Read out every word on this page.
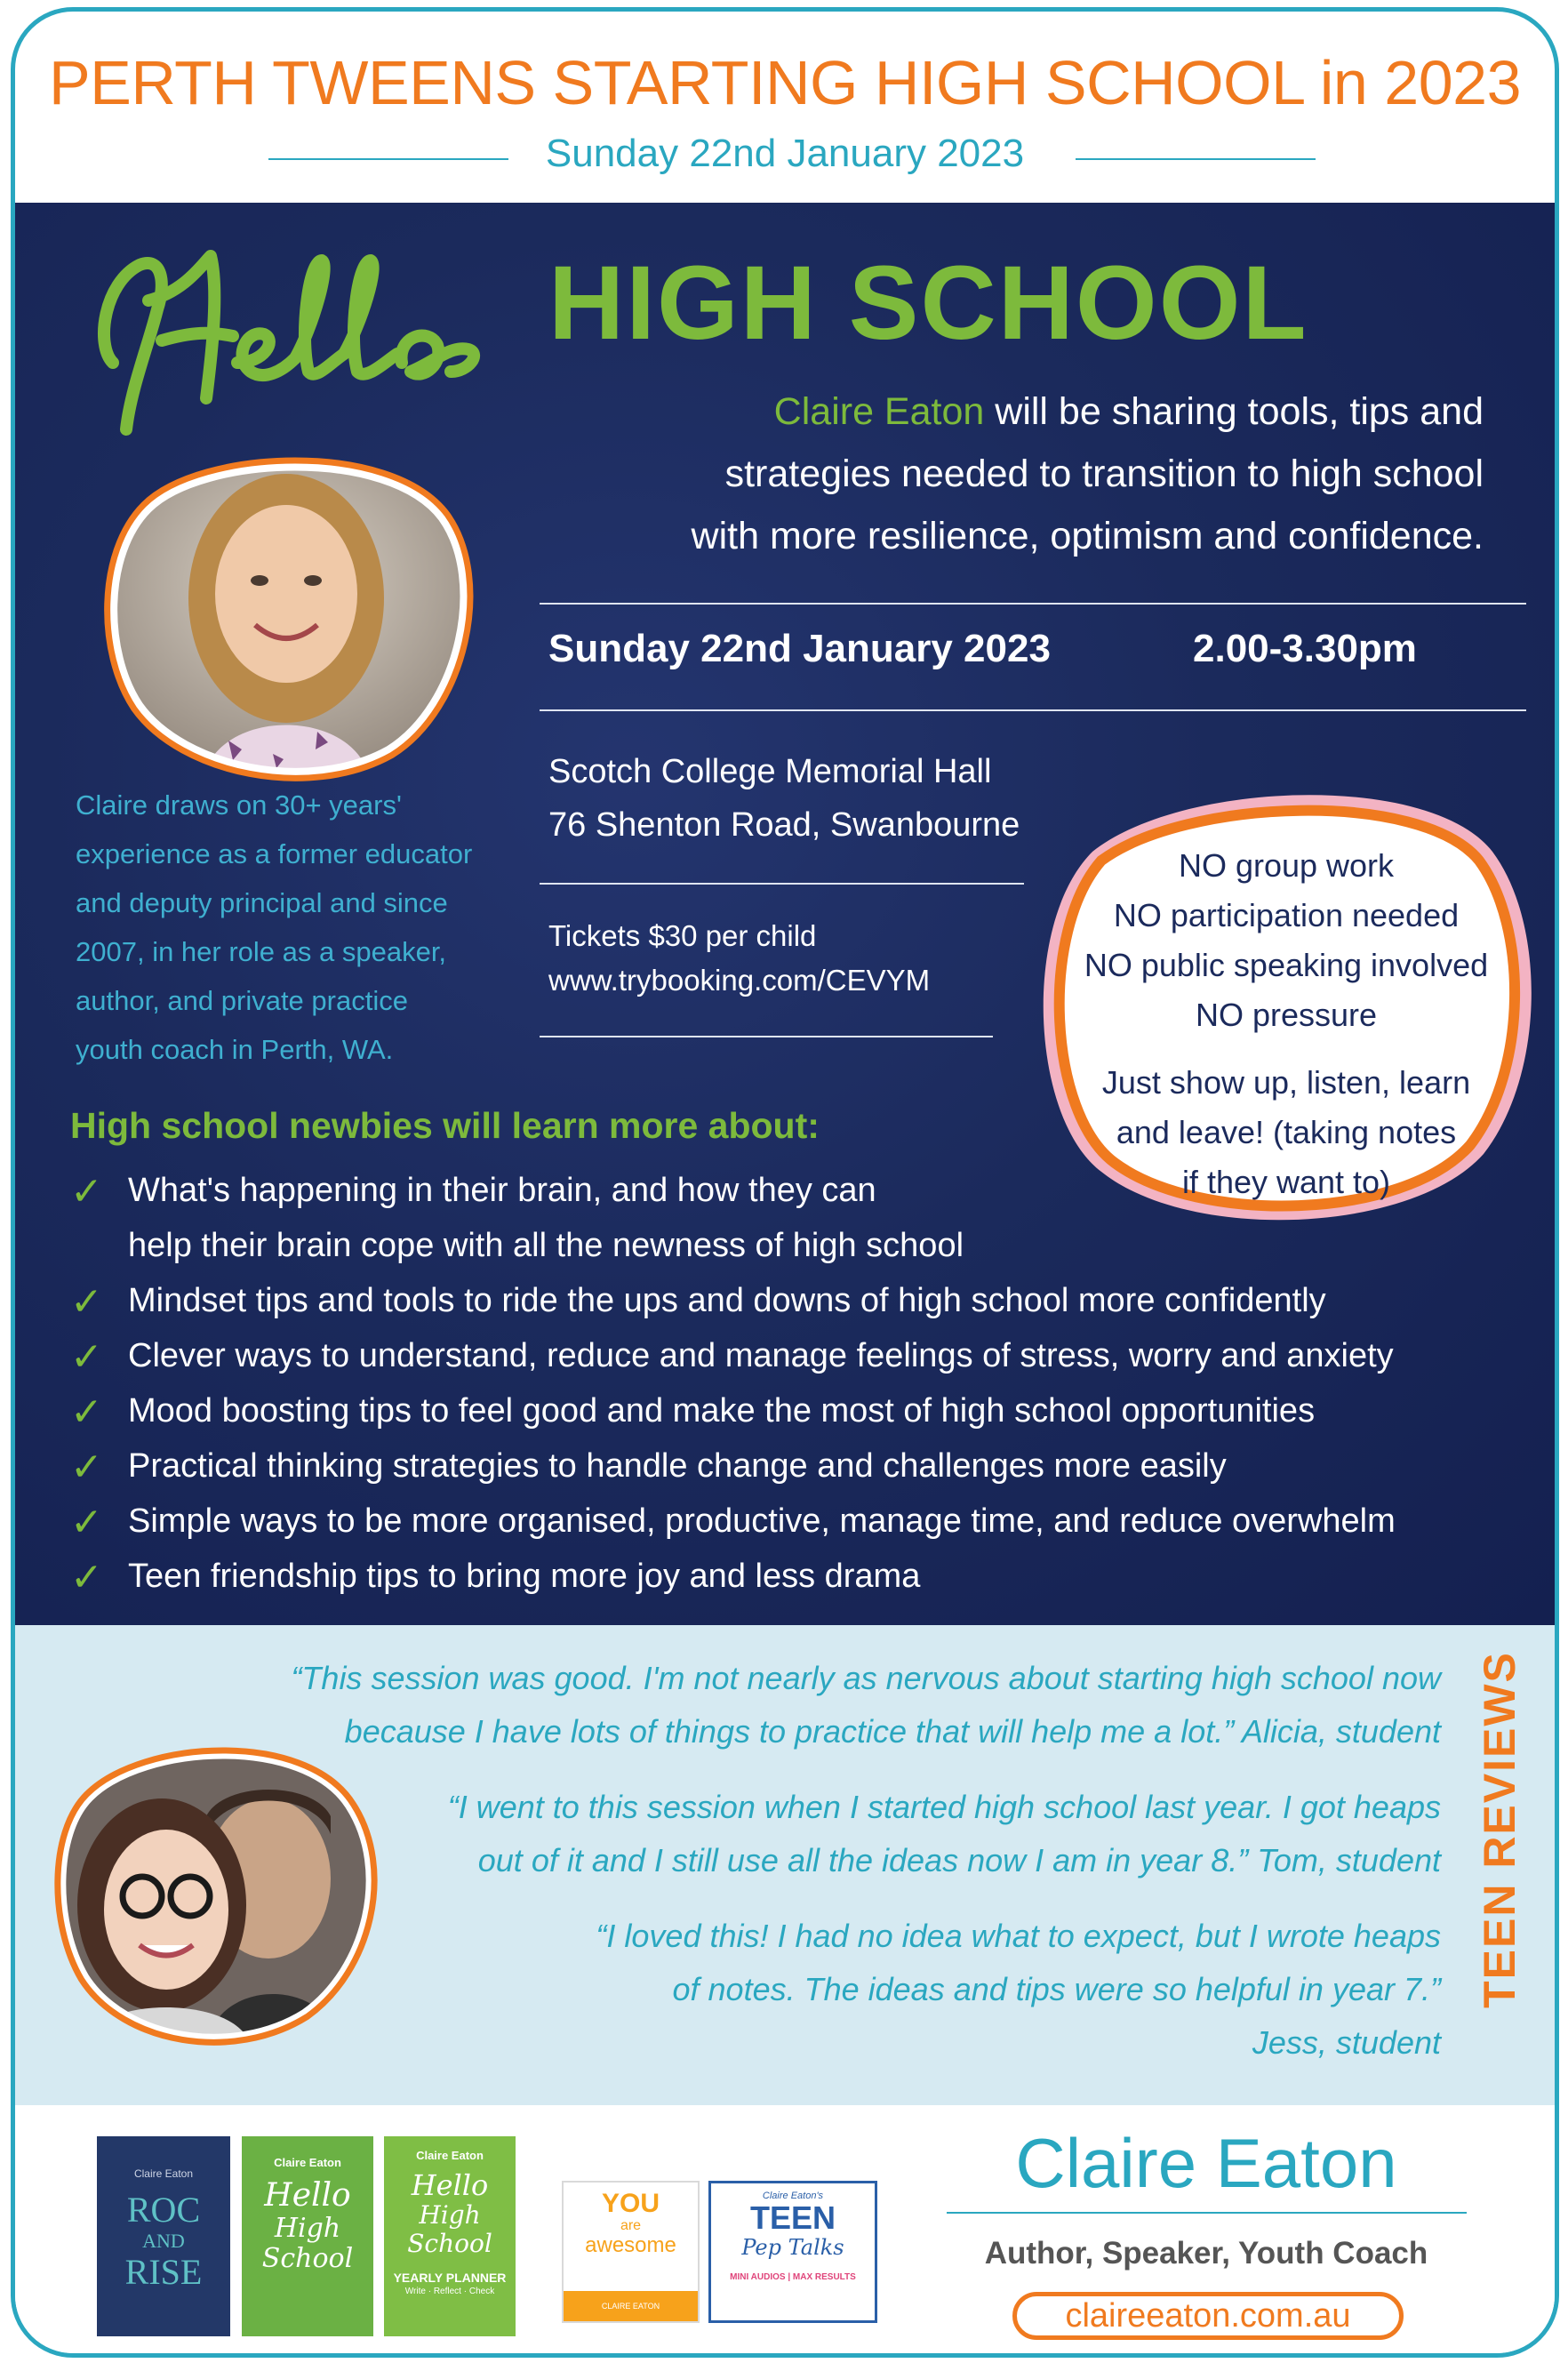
PERTH TWEENS STARTING HIGH SCHOOL in 2023
Sunday 22nd January 2023
HIGH SCHOOL
Claire Eaton will be sharing tools, tips and
strategies needed to transition to high school
with more resilience, optimism and confidence.
Sunday 22nd January 2023	2.00-3.30pm
Scotch College Memorial Hall
76 Shenton Road, Swanbourne
Tickets $30 per child
www.trybooking.com/CEVYM
Claire draws on 30+ years'
experience as a former educator
and deputy principal and since
2007, in her role as a speaker,
author, and private practice
youth coach in Perth, WA.
NO group work
NO participation needed
NO public speaking involved
NO pressure
Just show up, listen, learn
and leave! (taking notes
if they want to)
High school newbies will learn more about:
✓ What's happening in their brain, and how they can
help their brain cope with all the newness of high school
✓ Mindset tips and tools to ride the ups and downs of high school more confidently
✓ Clever ways to understand, reduce and manage feelings of stress, worry and anxiety
✓ Mood boosting tips to feel good and make the most of high school opportunities
✓ Practical thinking strategies to handle change and challenges more easily
✓ Simple ways to be more organised, productive, manage time, and reduce overwhelm
✓ Teen friendship tips to bring more joy and less drama
“This session was good. I'm not nearly as nervous about starting high school now
because I have lots of things to practice that will help me a lot.” Alicia, student
“I went to this session when I started high school last year. I got heaps
out of it and I still use all the ideas now I am in year 8.” Tom, student
“I loved this! I had no idea what to expect, but I wrote heaps
of notes. The ideas and tips were so helpful in year 7.”
Jess, student
TEEN REVIEWS

Claire Eaton
ROC
AND
RISE
Claire Eaton
Hello
High
School
Claire Eaton
Hello
High
School
YEARLY PLANNER
Write · Reflect · Check
YOU
are
awesome
CLAIRE EATON
Claire Eaton's
TEEN
Pep Talks
MINI AUDIOS | MAX RESULTS
Claire Eaton
Author, Speaker, Youth Coach
claireeaton.com.au
